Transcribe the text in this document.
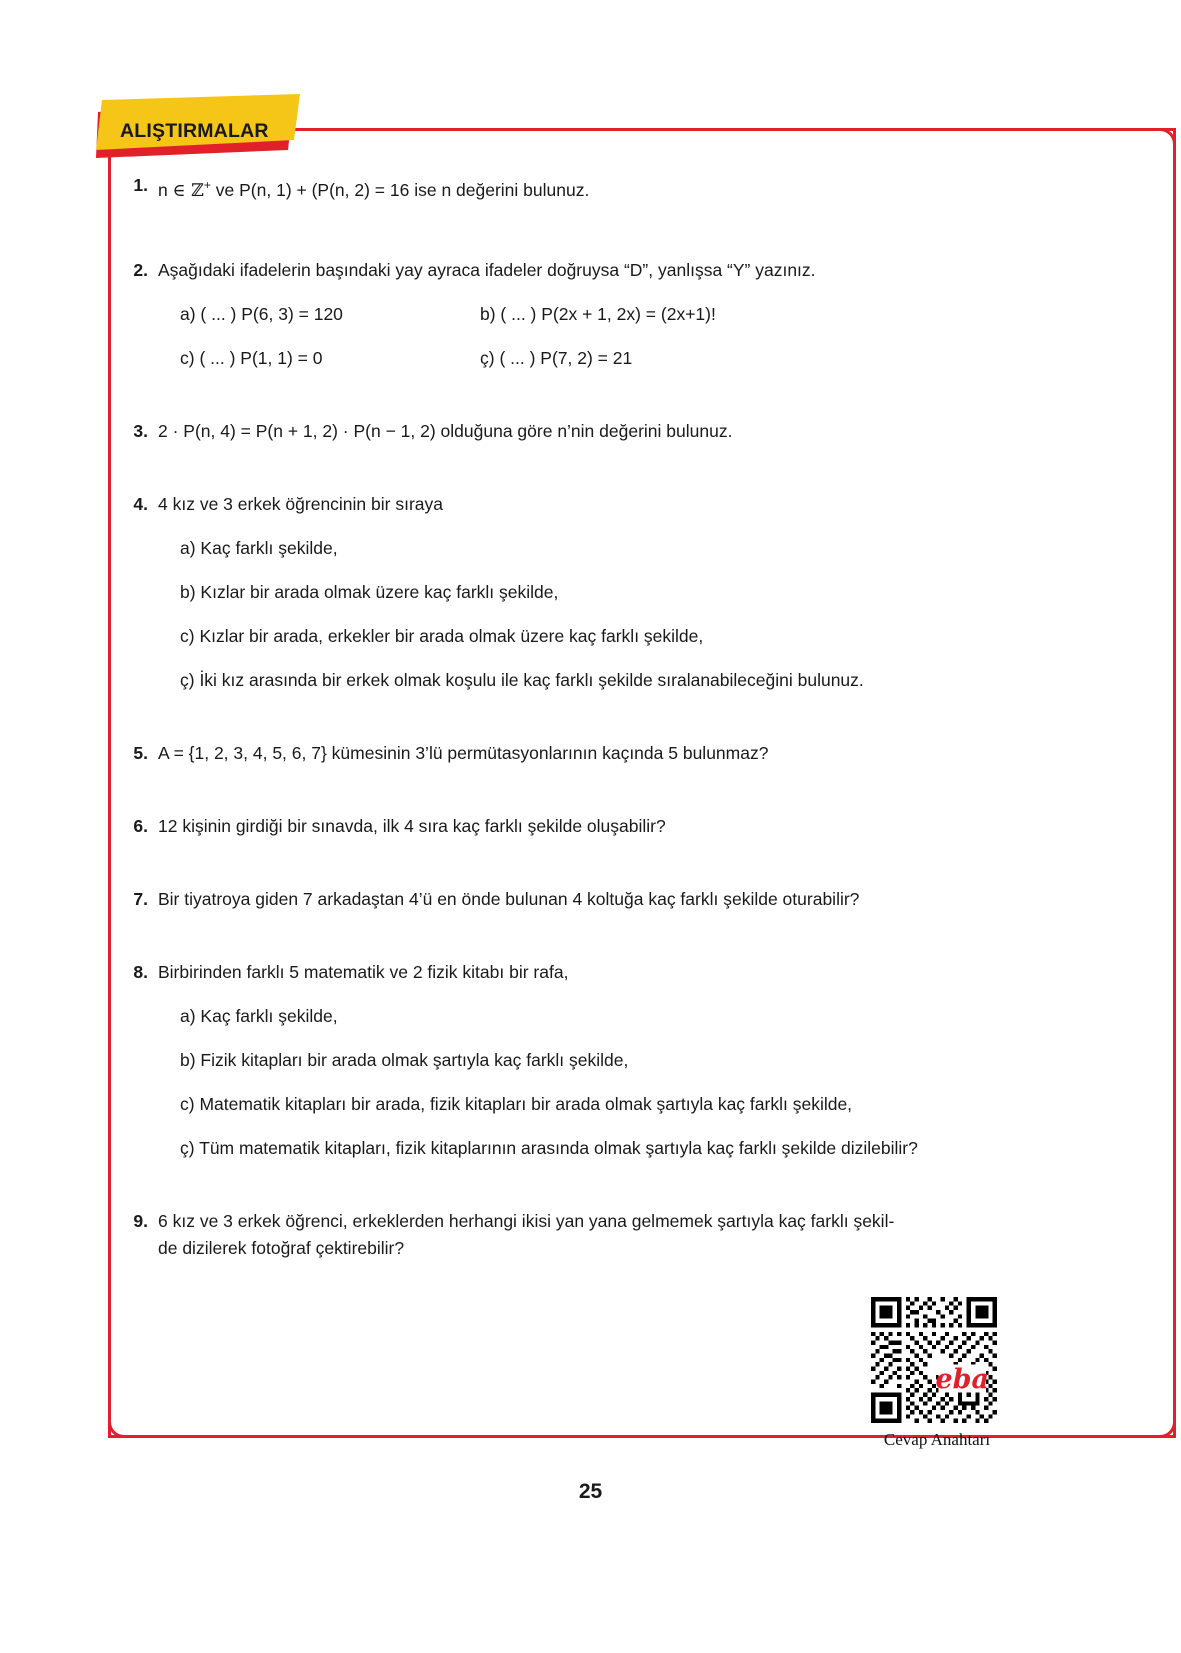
ALIŞTIRMALAR
1. n ∈ ℤ+ ve P(n, 1) + (P(n, 2) = 16 ise n değerini bulunuz.
2. Aşağıdaki ifadelerin başındaki yay ayraca ifadeler doğruysa “D”, yanlışsa “Y” yazınız.
a) ( ... ) P(6, 3) = 120	b) ( ... ) P(2x + 1, 2x) = (2x+1)!
c) ( ... ) P(1, 1) = 0	ç) ( ... ) P(7, 2) = 21
3. 2 · P(n, 4) = P(n + 1, 2) · P(n − 1, 2) olduğuna göre n’nin değerini bulunuz.
4. 4 kız ve 3 erkek öğrencinin bir sıraya
a) Kaç farklı şekilde,
b) Kızlar bir arada olmak üzere kaç farklı şekilde,
c) Kızlar bir arada, erkekler bir arada olmak üzere kaç farklı şekilde,
ç) İki kız arasında bir erkek olmak koşulu ile kaç farklı şekilde sıralanabileceğini bulunuz.
5. A = {1, 2, 3, 4, 5, 6, 7} kümesinin 3’lü permütasyonlarının kaçında 5 bulunmaz?
6. 12 kişinin girdiği bir sınavda, ilk 4 sıra kaç farklı şekilde oluşabilir?
7. Bir tiyatroya giden 7 arkadaştan 4’ü en önde bulunan 4 koltuğa kaç farklı şekilde oturabilir?
8. Birbirinden farklı 5 matematik ve 2 fizik kitabı bir rafa,
a) Kaç farklı şekilde,
b) Fizik kitapları bir arada olmak şartıyla kaç farklı şekilde,
c) Matematik kitapları bir arada, fizik kitapları bir arada olmak şartıyla kaç farklı şekilde,
ç) Tüm matematik kitapları, fizik kitaplarının arasında olmak şartıyla kaç farklı şekilde dizilebilir?
9. 6 kız ve 3 erkek öğrenci, erkeklerden herhangi ikisi yan yana gelmemek şartıyla kaç farklı şekil-
de dizilerek fotoğraf çektirebilir?
eba
Cevap Anahtarı
25
